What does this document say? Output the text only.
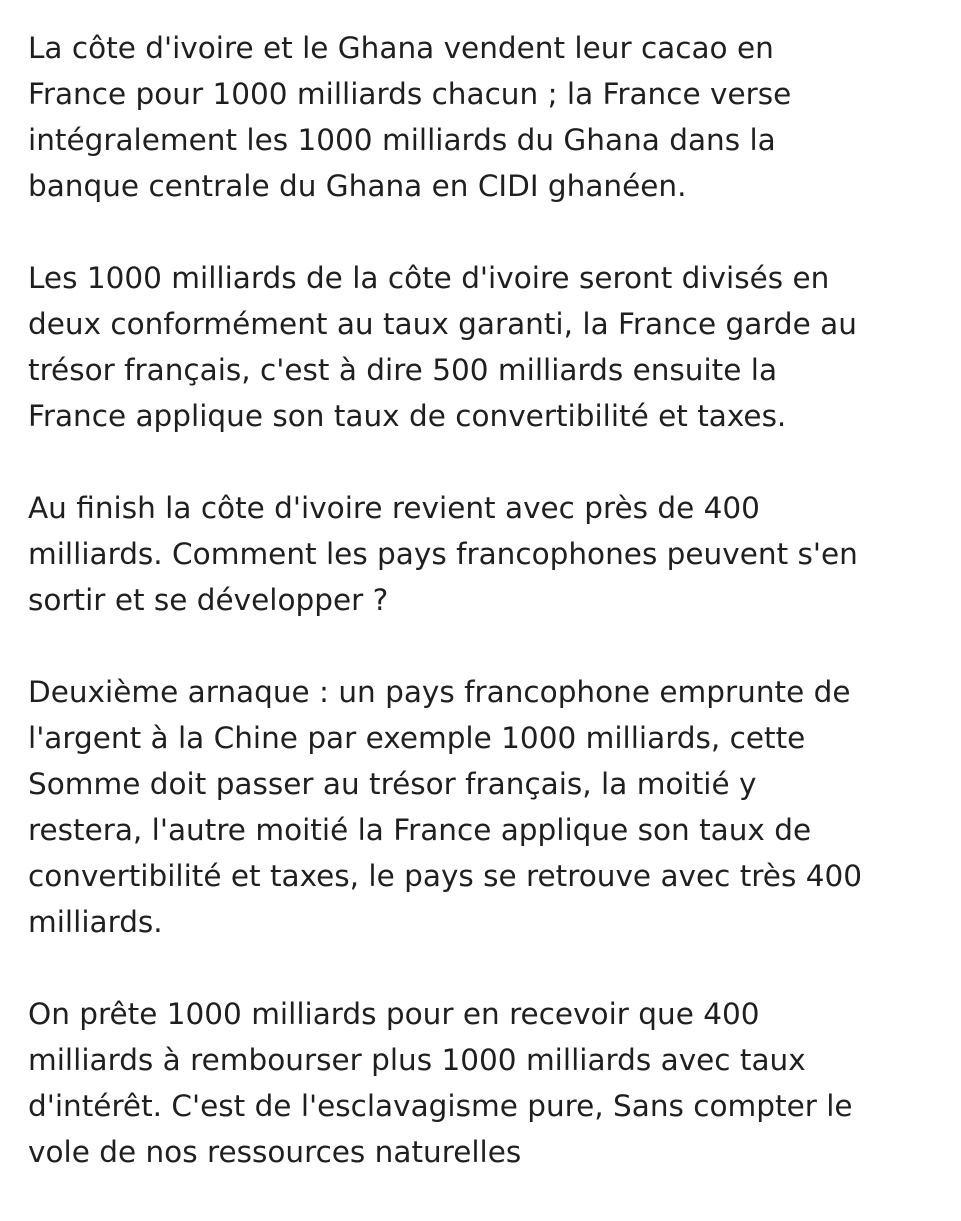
La côte d'ivoire et le Ghana vendent leur cacao en
France pour 1000 milliards chacun ; la France verse
intégralement les 1000 milliards du Ghana dans la
banque centrale du Ghana en CIDI ghanéen.

Les 1000 milliards de la côte d'ivoire seront divisés en
deux conformément au taux garanti, la France garde au
trésor français, c'est à dire 500 milliards ensuite la
France applique son taux de convertibilité et taxes.

Au finish la côte d'ivoire revient avec près de 400
milliards. Comment les pays francophones peuvent s'en
sortir et se développer ?

Deuxième arnaque : un pays francophone emprunte de
l'argent à la Chine par exemple 1000 milliards, cette
Somme doit passer au trésor français, la moitié y
restera, l'autre moitié la France applique son taux de
convertibilité et taxes, le pays se retrouve avec très 400
milliards.

On prête 1000 milliards pour en recevoir que 400
milliards à rembourser plus 1000 milliards avec taux
d'intérêt. C'est de l'esclavagisme pure, Sans compter le
vole de nos ressources naturelles
